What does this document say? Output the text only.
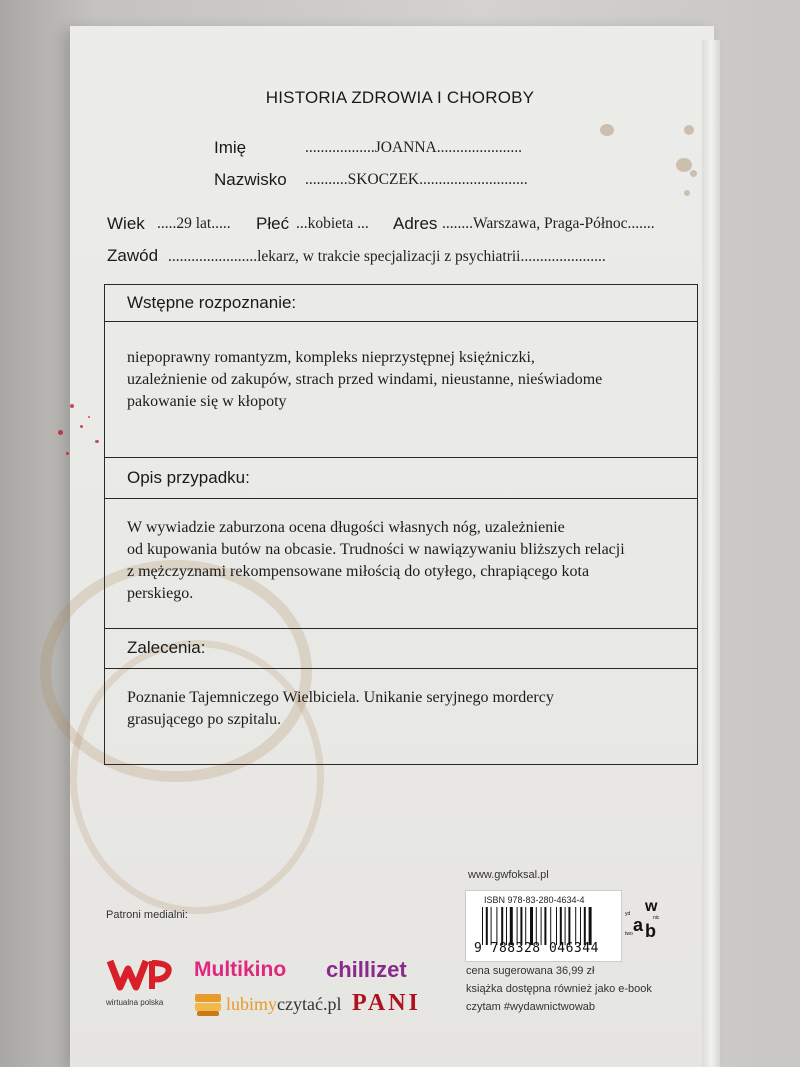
HISTORIA ZDROWIA I CHOROBY
Imię	..................JOANNA......................
Nazwisko ...........SKOCZEK............................
Wiek .....29 lat..... Płeć ...kobieta ... Adres ........Warszawa, Praga-Północ.......
Zawód .......................lekarz, w trakcie specjalizacji z psychiatrii......................
Wstępne rozpoznanie:
niepoprawny romantyzm, kompleks nieprzystępnej księżniczki,
uzależnienie od zakupów, strach przed windami, nieustanne, nieświadome
pakowanie się w kłopoty
Opis przypadku:
W wywiadzie zaburzona ocena długości własnych nóg, uzależnienie
od kupowania butów na obcasie. Trudności w nawiązywaniu bliższych relacji
z mężczyznami rekompensowane miłością do otyłego, chrapiącego kota
perskiego.
Zalecenia:
Poznanie Tajemniczego Wielbiciela. Unikanie seryjnego mordercy
grasującego po szpitalu.
www.gwfoksal.pl
Patroni medialni:
ISBN 978-83-280-4634-4
9 788328 046344
w
yd
a b
nic
two
wirtualna polska
Multikino chillizet
lubimyczytać.pl PANI
cena sugerowana 36,99 zł
książka dostępna również jako e-book
czytam #wydawnictwowab
